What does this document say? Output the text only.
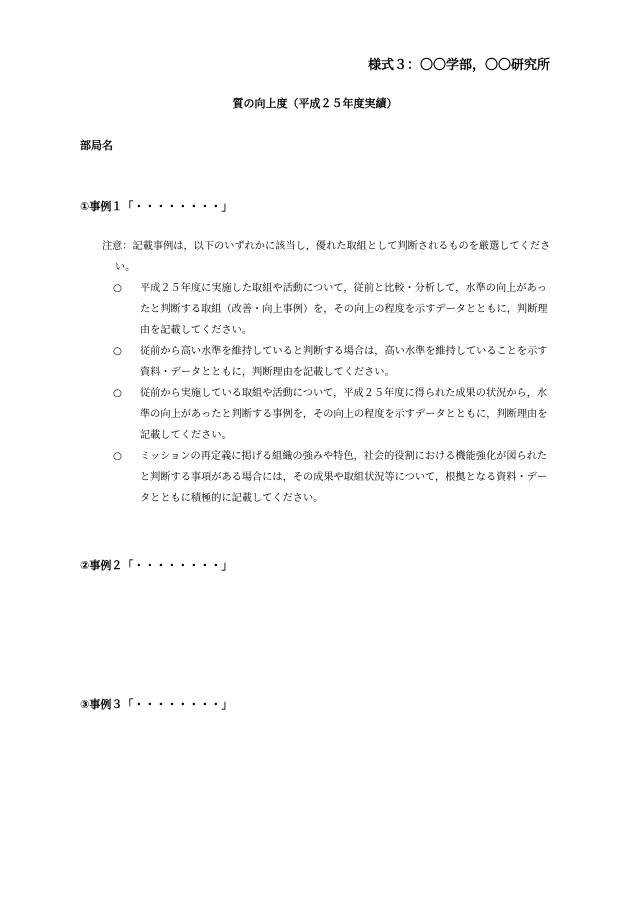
様式３：〇〇学部，〇〇研究所
質の向上度（平成２５年度実績）
部局名
①事例１「・・・・・・・・」
注意：記載事例は，以下のいずれかに該当し，優れた取組として判断されるものを厳選してください。
○ 平成２５年度に実施した取組や活動について，従前と比較・分析して，水準の向上があったと判断する取組（改善・向上事例）を，その向上の程度を示すデータとともに，判断理由を記載してください。
○ 従前から高い水準を維持していると判断する場合は，高い水準を維持していることを示す資料・データとともに，判断理由を記載してください。
○ 従前から実施している取組や活動について，平成２５年度に得られた成果の状況から，水準の向上があったと判断する事例を，その向上の程度を示すデータとともに，判断理由を記載してください。
○ ミッションの再定義に掲げる組織の強みや特色，社会的役割における機能強化が図られたと判断する事項がある場合には，その成果や取組状況等について，根拠となる資料・データとともに積極的に記載してください。
②事例２「・・・・・・・・」
③事例３「・・・・・・・・」
